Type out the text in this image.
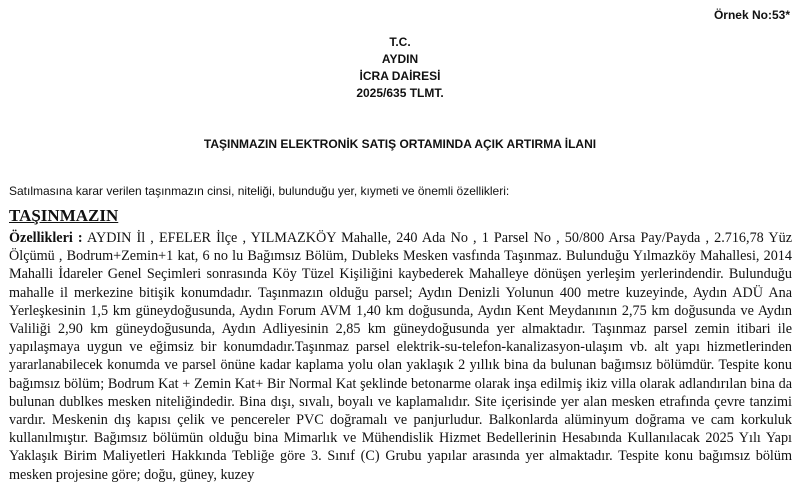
Örnek No:53*
T.C.
AYDIN
İCRA DAİRESİ
2025/635 TLMT.
TAŞINMAZIN ELEKTRONİK SATIŞ ORTAMINDA AÇIK ARTIRMA İLANI
Satılmasına karar verilen taşınmazın cinsi, niteliği, bulunduğu yer, kıymeti ve önemli özellikleri:
TAŞINMAZIN

Özellikleri : AYDIN İl , EFELER İlçe , YILMAZKÖY Mahalle, 240 Ada No , 1 Parsel No , 50/800 Arsa Pay/Payda , 2.716,78 Yüz Ölçümü , Bodrum+Zemin+1 kat, 6 no lu Bağımsız Bölüm, Dubleks Mesken vasfında Taşınmaz. Bulunduğu Yılmazköy Mahallesi, 2014 Mahalli İdareler Genel Seçimleri sonrasında Köy Tüzel Kişiliğini kaybederek Mahalleye dönüşen yerleşim yerlerindendir. Bulunduğu mahalle il merkezine bitişik konumdadır. Taşınmazın olduğu parsel; Aydın Denizli Yolunun 400 metre kuzeyinde, Aydın ADÜ Ana Yerleşkesinin 1,5 km güneydoğusunda, Aydın Forum AVM 1,40 km doğusunda, Aydın Kent Meydanının 2,75 km doğusunda ve Aydın Valiliği 2,90 km güneydoğusunda, Aydın Adliyesinin 2,85 km güneydoğusunda yer almaktadır. Taşınmaz parsel zemin itibari ile yapılaşmaya uygun ve eğimsiz bir konumdadır.Taşınmaz parsel elektrik-su-telefon-kanalizasyon-ulaşım vb. alt yapı hizmetlerinden yararlanabilecek konumda ve parsel önüne kadar kaplama yolu olan yaklaşık 2 yıllık bina da bulunan bağımsız bölümdür. Tespite konu bağımsız bölüm; Bodrum Kat + Zemin Kat+ Bir Normal Kat şeklinde betonarme olarak inşa edilmiş ikiz villa olarak adlandırılan bina da bulunan dublkes mesken niteliğindedir. Bina dışı, sıvalı, boyalı ve kaplamalıdır. Site içerisinde yer alan mesken etrafında çevre tanzimi vardır. Meskenin dış kapısı çelik ve pencereler PVC doğramalı ve panjurludur. Balkonlarda alüminyum doğrama ve cam korkuluk kullanılmıştır. Bağımsız bölümün olduğu bina Mimarlık ve Mühendislik Hizmet Bedellerinin Hesabında Kullanılacak 2025 Yılı Yapı Yaklaşık Birim Maliyetleri Hakkında Tebliğe göre 3. Sınıf (C) Grubu yapılar arasında yer almaktadır. Tespite konu bağımsız bölüm mesken projesine göre; doğu, güney, kuzey
